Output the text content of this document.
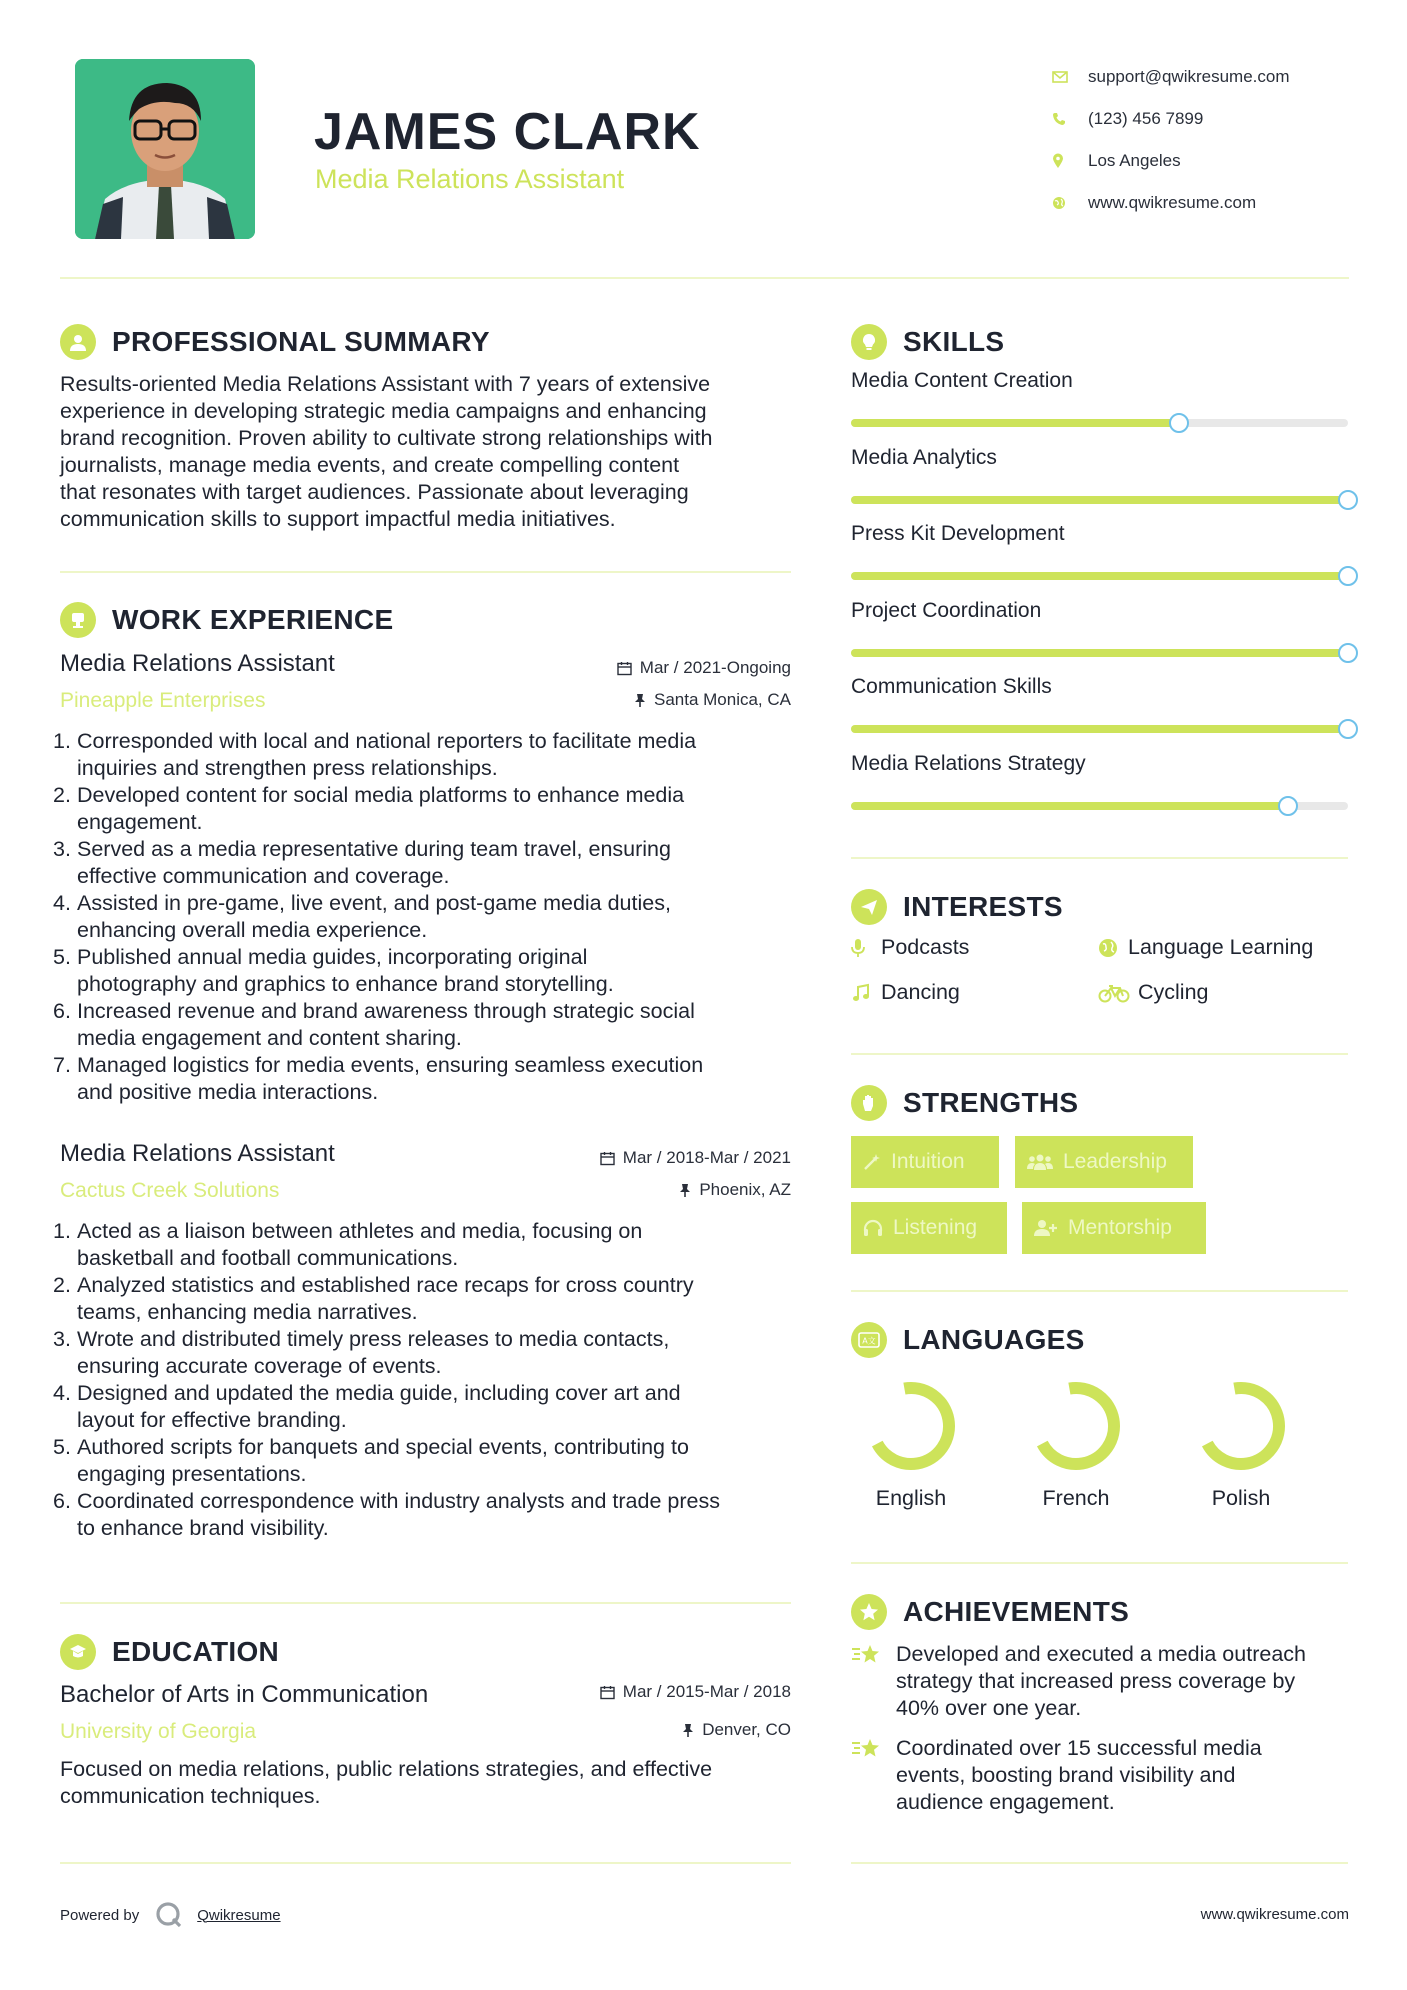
JAMES CLARK
Media Relations Assistant
support@qwikresume.com
(123) 456 7899
Los Angeles
www.qwikresume.com
PROFESSIONAL SUMMARY
Results-oriented Media Relations Assistant with 7 years of extensive
experience in developing strategic media campaigns and enhancing
brand recognition. Proven ability to cultivate strong relationships with
journalists, manage media events, and create compelling content
that resonates with target audiences. Passionate about leveraging
communication skills to support impactful media initiatives.
WORK EXPERIENCE
Media Relations Assistant
Pineapple Enterprises
Mar / 2021-Ongoing
Santa Monica, CA
1. Corresponded with local and national reporters to facilitate media
inquiries and strengthen press relationships.
2. Developed content for social media platforms to enhance media
engagement.
3. Served as a media representative during team travel, ensuring
effective communication and coverage.
4. Assisted in pre-game, live event, and post-game media duties,
enhancing overall media experience.
5. Published annual media guides, incorporating original
photography and graphics to enhance brand storytelling.
6. Increased revenue and brand awareness through strategic social
media engagement and content sharing.
7. Managed logistics for media events, ensuring seamless execution
and positive media interactions.
Media Relations Assistant
Cactus Creek Solutions
Mar / 2018-Mar / 2021
Phoenix, AZ
1. Acted as a liaison between athletes and media, focusing on
basketball and football communications.
2. Analyzed statistics and established race recaps for cross country
teams, enhancing media narratives.
3. Wrote and distributed timely press releases to media contacts,
ensuring accurate coverage of events.
4. Designed and updated the media guide, including cover art and
layout for effective branding.
5. Authored scripts for banquets and special events, contributing to
engaging presentations.
6. Coordinated correspondence with industry analysts and trade press
to enhance brand visibility.
EDUCATION
Bachelor of Arts in Communication
University of Georgia
Mar / 2015-Mar / 2018
Denver, CO
Focused on media relations, public relations strategies, and effective
communication techniques.
SKILLS
Media Content Creation
Media Analytics
Press Kit Development
Project Coordination
Communication Skills
Media Relations Strategy
INTERESTS
Podcasts	Language Learning
Dancing	Cycling
STRENGTHS
Intuition	Leadership
Listening	Mentorship
A文 LANGUAGES
English	French	Polish
ACHIEVEMENTS
Developed and executed a media outreach
strategy that increased press coverage by
40% over one year.
Coordinated over 15 successful media
events, boosting brand visibility and
audience engagement.
Powered by	Qwikresume	www.qwikresume.com
